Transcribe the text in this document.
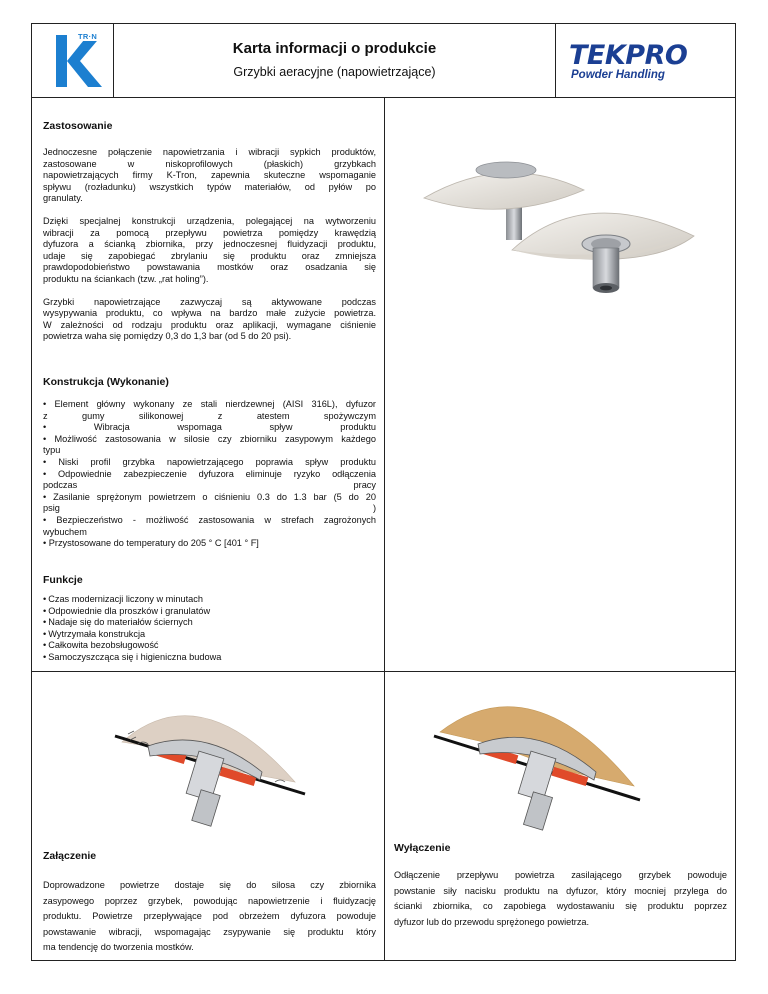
TR·N
Karta informacji o produkcie
Grzybki aeracyjne (napowietrzające)
TEKPRO
Powder Handling
Zastosowanie
Jednoczesne połączenie napowietrzania i wibracji sypkich produktów,
zastosowane w niskoprofilowych (płaskich) grzybkach
napowietrzających firmy K-Tron, zapewnia skuteczne wspomaganie
spływu (rozładunku) wszystkich typów materiałów, od pyłów po
granulaty.
Dzięki specjalnej konstrukcji urządzenia, polegającej na wytworzeniu
wibracji za pomocą przepływu powietrza pomiędzy krawędzią
dyfuzora a ścianką zbiornika, przy jednoczesnej fluidyzacji produktu,
udaje się zapobiegać zbrylaniu się produktu oraz zmniejsza
prawdopodobieństwo powstawania mostków oraz osadzania się
produktu na ściankach (tzw. „rat holing”).
Grzybki napowietrzające zazwyczaj są aktywowane podczas
wysypywania produktu, co wpływa na bardzo małe zużycie powietrza.
W zależności od rodzaju produktu oraz aplikacji, wymagane ciśnienie
powietrza waha się pomiędzy 0,3 do 1,3 bar (od 5 do 20 psi).
Konstrukcja (Wykonanie)
• Element główny wykonany ze stali nierdzewnej (AISI 316L), dyfuzor
z gumy silikonowej z atestem spożywczym
• Wibracja wspomaga spływ produktu
• Możliwość zastosowania w silosie czy zbiorniku zasypowym każdego
typu
• Niski profil grzybka napowietrzającego poprawia spływ produktu
• Odpowiednie zabezpieczenie dyfuzora eliminuje ryzyko odłączenia
podczas pracy
• Zasilanie sprężonym powietrzem o ciśnieniu 0.3 do 1.3 bar (5 do 20
psig )
• Bezpieczeństwo - możliwość zastosowania w strefach zagrożonych
wybuchem
• Przystosowane do temperatury do 205 ° C [401 ° F]
Funkcje
• Czas modernizacji liczony w minutach
• Odpowiednie dla proszków i granulatów
• Nadaje się do materiałów ściernych
• Wytrzymała konstrukcja
• Całkowita bezobsługowość
• Samoczyszcząca się i higieniczna budowa
Załączenie
Doprowadzone powietrze dostaje się do silosa czy zbiornika
zasypowego poprzez grzybek, powodując napowietrzenie i fluidyzację
produktu. Powietrze przepływające pod obrzeżem dyfuzora powoduje
powstawanie wibracji, wspomagając zsypywanie się produktu który
ma tendencję do tworzenia mostków.
Wyłączenie
Odłączenie przepływu powietrza zasilającego grzybek powoduje
powstanie siły nacisku produktu na dyfuzor, który mocniej przylega do
ścianki zbiornika, co zapobiega wydostawaniu się produktu poprzez
dyfuzor lub do przewodu sprężonego powietrza.
